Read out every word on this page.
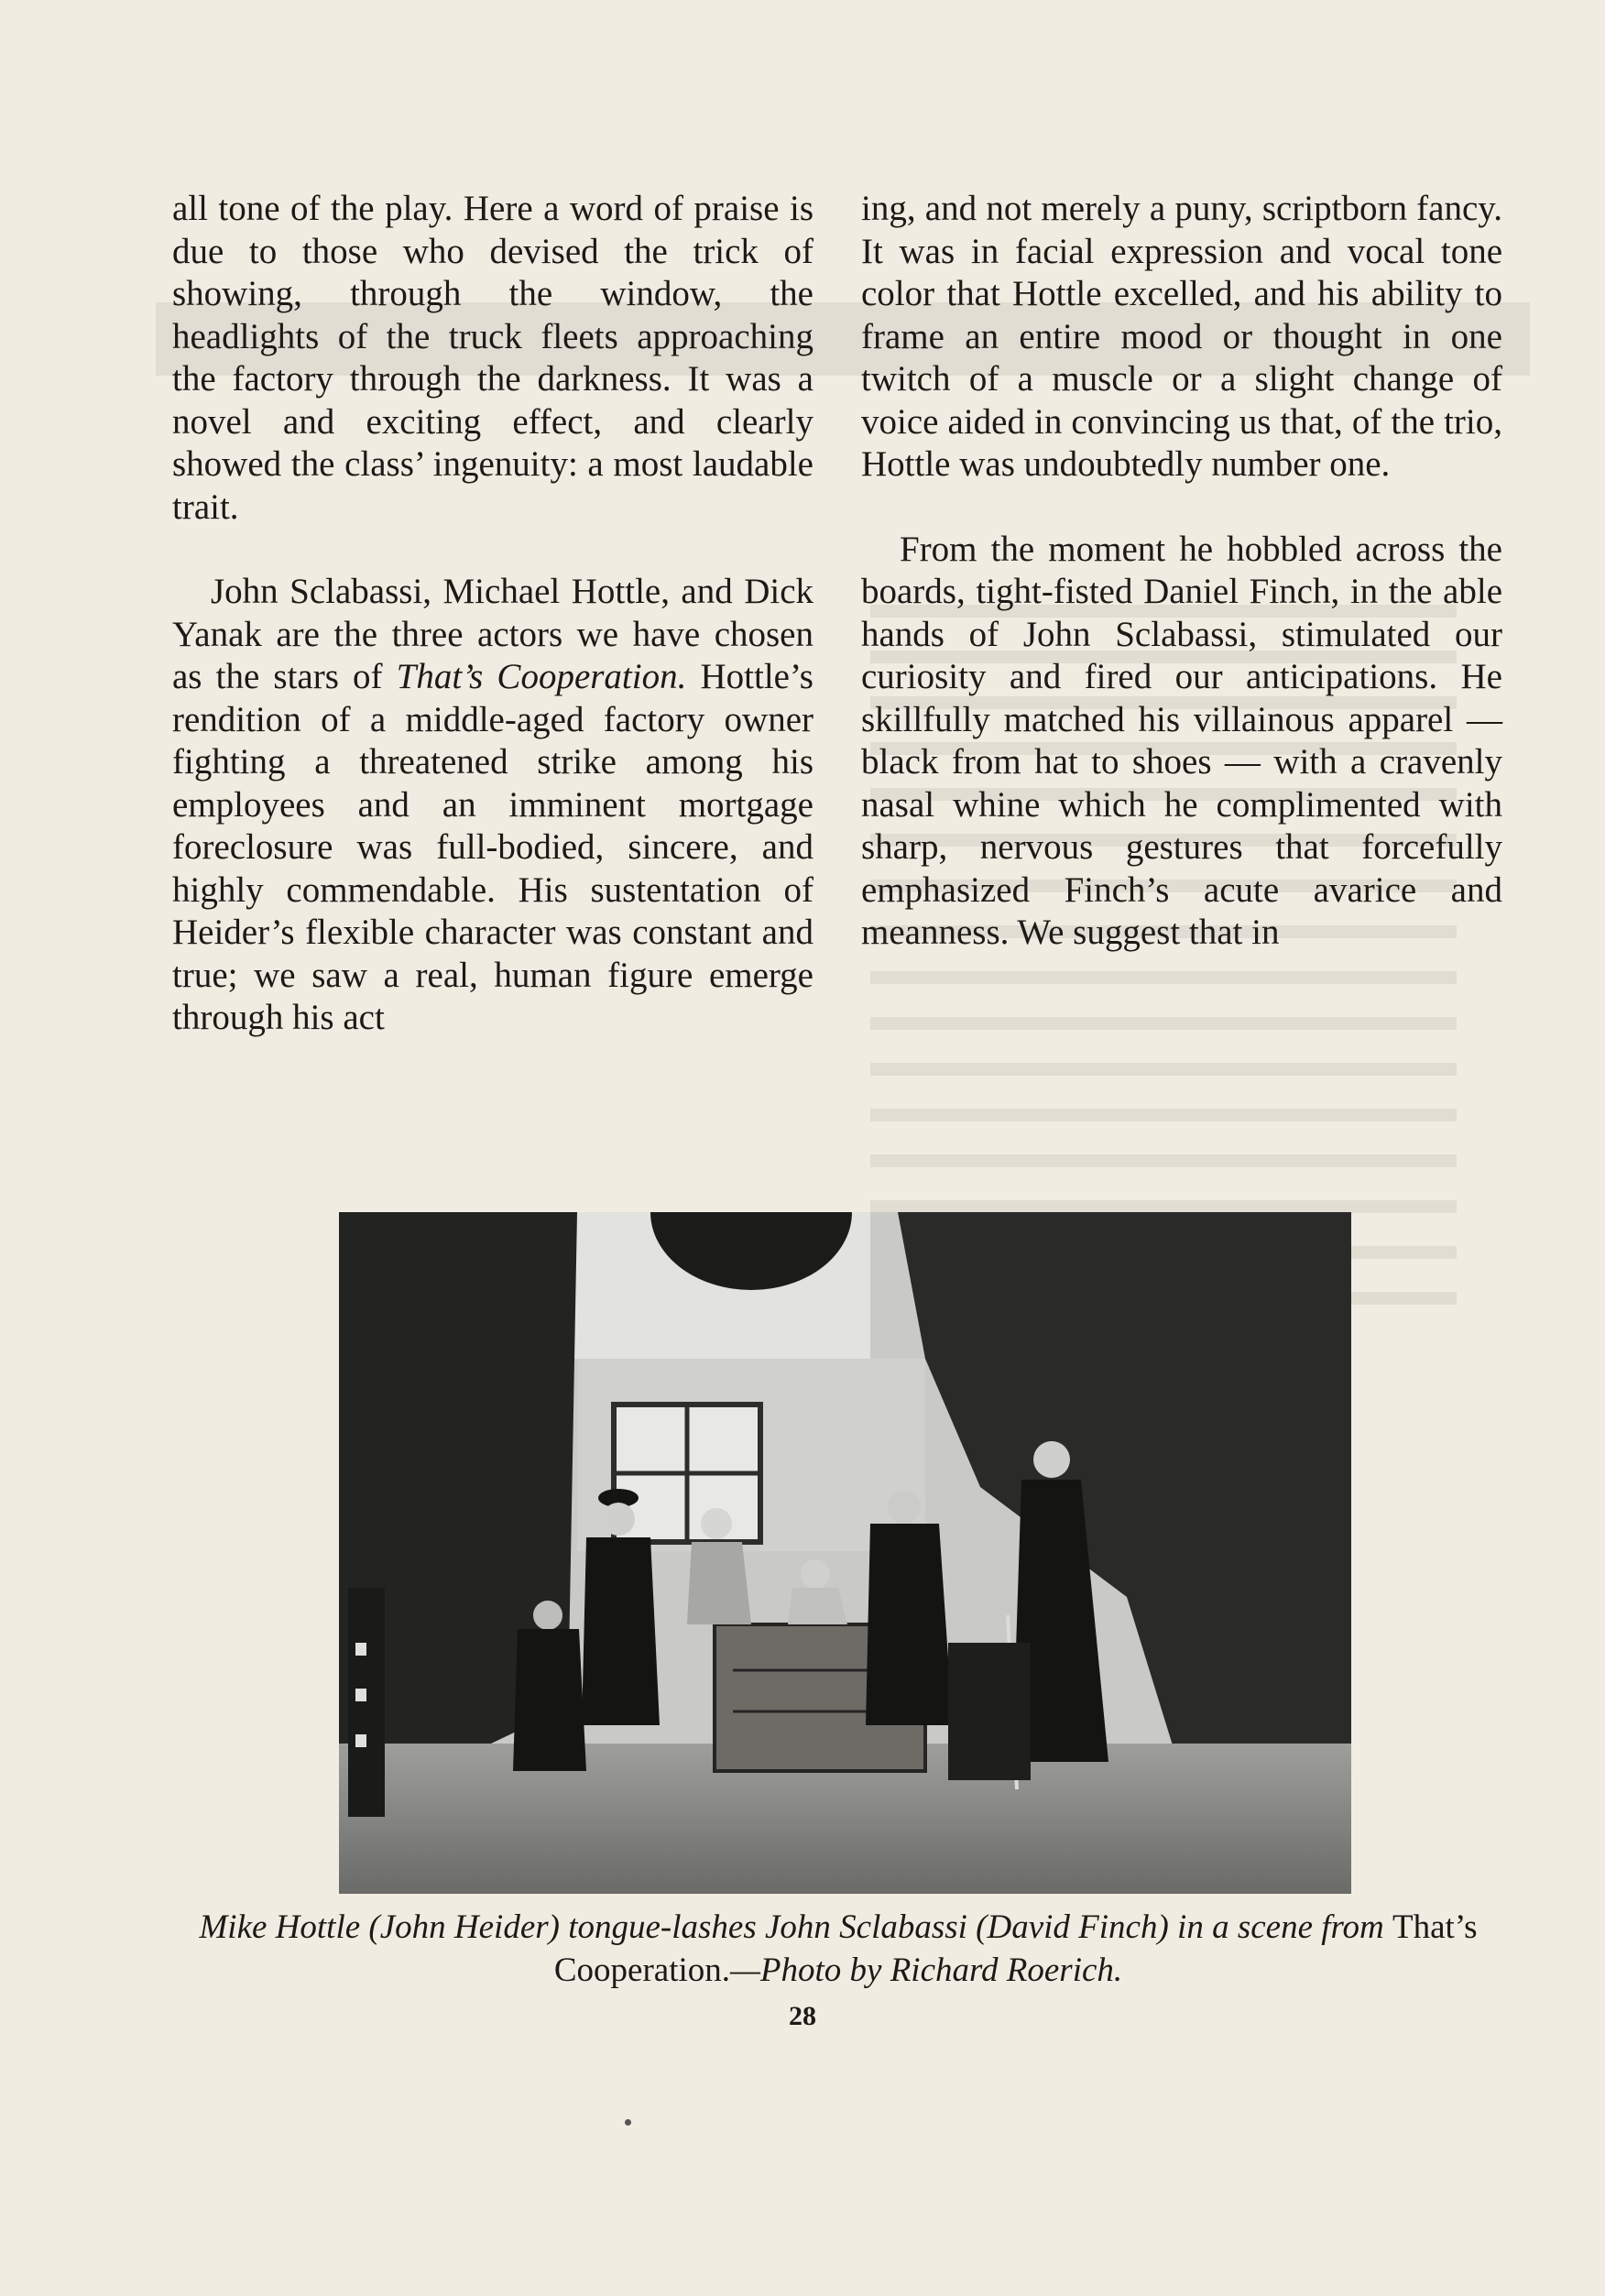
all tone of the play. Here a word of praise is due to those who devised the trick of showing, through the window, the headlights of the truck fleets approaching the factory through the darkness. It was a novel and exciting effect, and clearly showed the class’ ingenuity: a most laudable trait.

John Sclabassi, Michael Hottle, and Dick Yanak are the three actors we have chosen as the stars of That’s Cooperation. Hottle’s rendition of a middle-aged factory owner fighting a threatened strike among his employees and an imminent mortgage foreclosure was full-bodied, sincere, and highly commendable. His sustentation of Heider’s flexible character was constant and true; we saw a real, human figure emerge through his act

ing, and not merely a puny, scriptborn fancy. It was in facial expression and vocal tone color that Hottle excelled, and his ability to frame an entire mood or thought in one twitch of a muscle or a slight change of voice aided in convincing us that, of the trio, Hottle was undoubtedly number one.

From the moment he hobbled across the boards, tight-fisted Daniel Finch, in the able hands of John Sclabassi, stimulated our curiosity and fired our anticipations. He skillfully matched his villainous apparel — black from hat to shoes — with a cravenly nasal whine which he complimented with sharp, nervous gestures that forcefully emphasized Finch’s acute avarice and meanness. We suggest that in

Mike Hottle (John Heider) tongue-lashes John Sclabassi (David Finch) in a scene from That’s Cooperation.—Photo by Richard Roerich.
28
